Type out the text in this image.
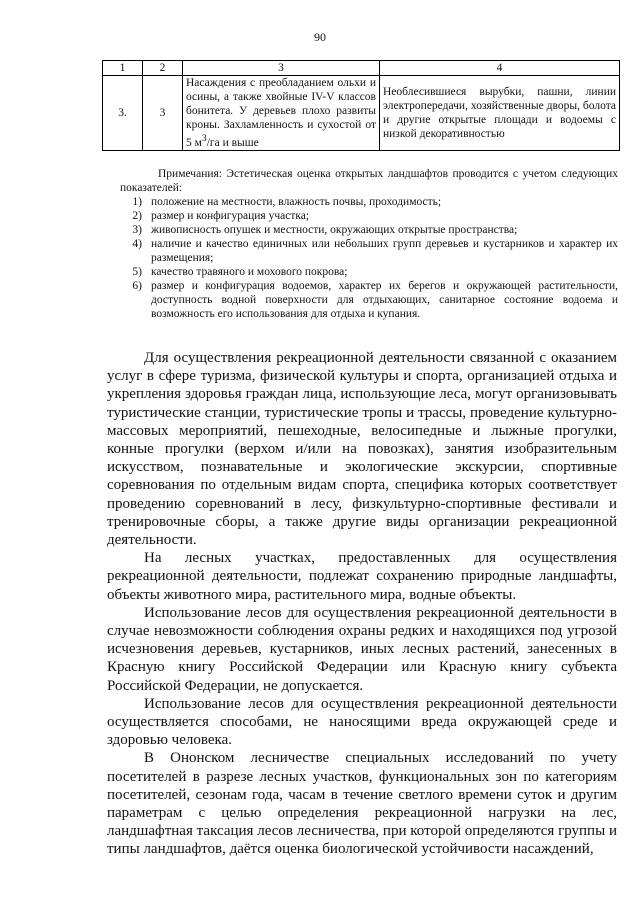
90
1	2	3	4
3.	3	Насаждения с преобладанием ольхи и осины, а также хвойные IV-V классов бонитета. У деревьев плохо развиты кроны. Захламленность и сухостой от 5 $м^3/га$ и выше	Необлесившиеся вырубки, пашни, линии электропередачи, хозяйственные дворы, болота и другие открытые площади и водоемы с низкой декоративностью

Примечания: Эстетическая оценка открытых ландшафтов проводится с учетом следующих показателей:

1) положение на местности, влажность почвы, проходимость;
2) размер и конфигурация участка;
3) живописность опушек и местности, окружающих открытые пространства;
4) наличие и качество единичных или небольших групп деревьев и кустарников и характер их размещения;
5) качество травяного и мохового покрова;
6) размер и конфигурация водоемов, характер их берегов и окружающей растительности, доступность водной поверхности для отдыхающих, санитарное состояние водоема и возможность его использования для отдыха и купания.

Для осуществления рекреационной деятельности связанной с оказанием услуг в сфере туризма, физической культуры и спорта, организацией отдыха и укрепления здоровья граждан лица, использующие леса, могут организовывать туристические станции, туристические тропы и трассы, проведение культурно-массовых мероприятий, пешеходные, велосипедные и лыжные прогулки, конные прогулки (верхом и/или на повозках), занятия изобразительным искусством, познавательные и экологические экскурсии, спортивные соревнования по отдельным видам спорта, специфика которых соответствует проведению соревнований в лесу, физкультурно-спортивные фестивали и тренировочные сборы, а также другие виды организации рекреационной деятельности.

На лесных участках, предоставленных для осуществления рекреационной деятельности, подлежат сохранению природные ландшафты, объекты животного мира, растительного мира, водные объекты.

Использование лесов для осуществления рекреационной деятельности в случае невозможности соблюдения охраны редких и находящихся под угрозой исчезновения деревьев, кустарников, иных лесных растений, занесенных в Красную книгу Российской Федерации или Красную книгу субъекта Российской Федерации, не допускается.

Использование лесов для осуществления рекреационной деятельности осуществляется способами, не наносящими вреда окружающей среде и здоровью человека.

В Ононском лесничестве специальных исследований по учету посетителей в разрезе лесных участков, функциональных зон по категориям посетителей, сезонам года, часам в течение светлого времени суток и другим параметрам с целью определения рекреационной нагрузки на лес, ландшафтная таксация лесов лесничества, при которой определяются группы и типы ландшафтов, даётся оценка биологической устойчивости насаждений,
